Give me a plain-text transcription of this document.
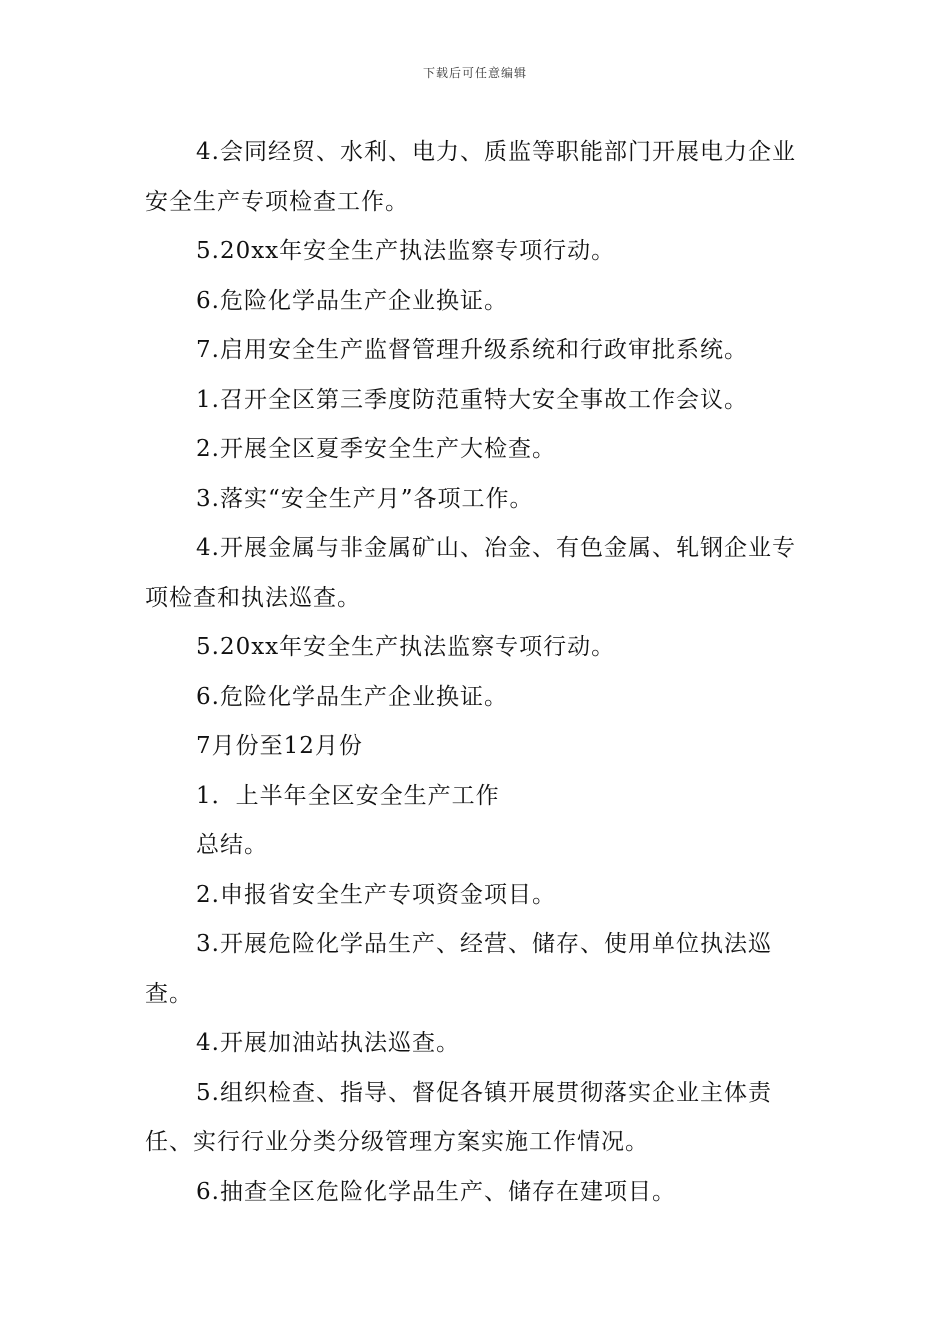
下载后可任意编辑

4.会同经贸、水利、电力、质监等职能部门开展电力企业安全生产专项检查工作。

5.20xx年安全生产执法监察专项行动。

6.危险化学品生产企业换证。

7.启用安全生产监督管理升级系统和行政审批系统。

1.召开全区第三季度防范重特大安全事故工作会议。

2.开展全区夏季安全生产大检查。

3.落实“安全生产月”各项工作。

4.开展金属与非金属矿山、冶金、有色金属、轧钢企业专项检查和执法巡查。

5.20xx年安全生产执法监察专项行动。

6.危险化学品生产企业换证。

7月份至12月份

1．上半年全区安全生产工作

总结。

2.申报省安全生产专项资金项目。

3.开展危险化学品生产、经营、储存、使用单位执法巡查。

4.开展加油站执法巡查。

5.组织检查、指导、督促各镇开展贯彻落实企业主体责任、实行行业分类分级管理方案实施工作情况。

6.抽查全区危险化学品生产、储存在建项目。
